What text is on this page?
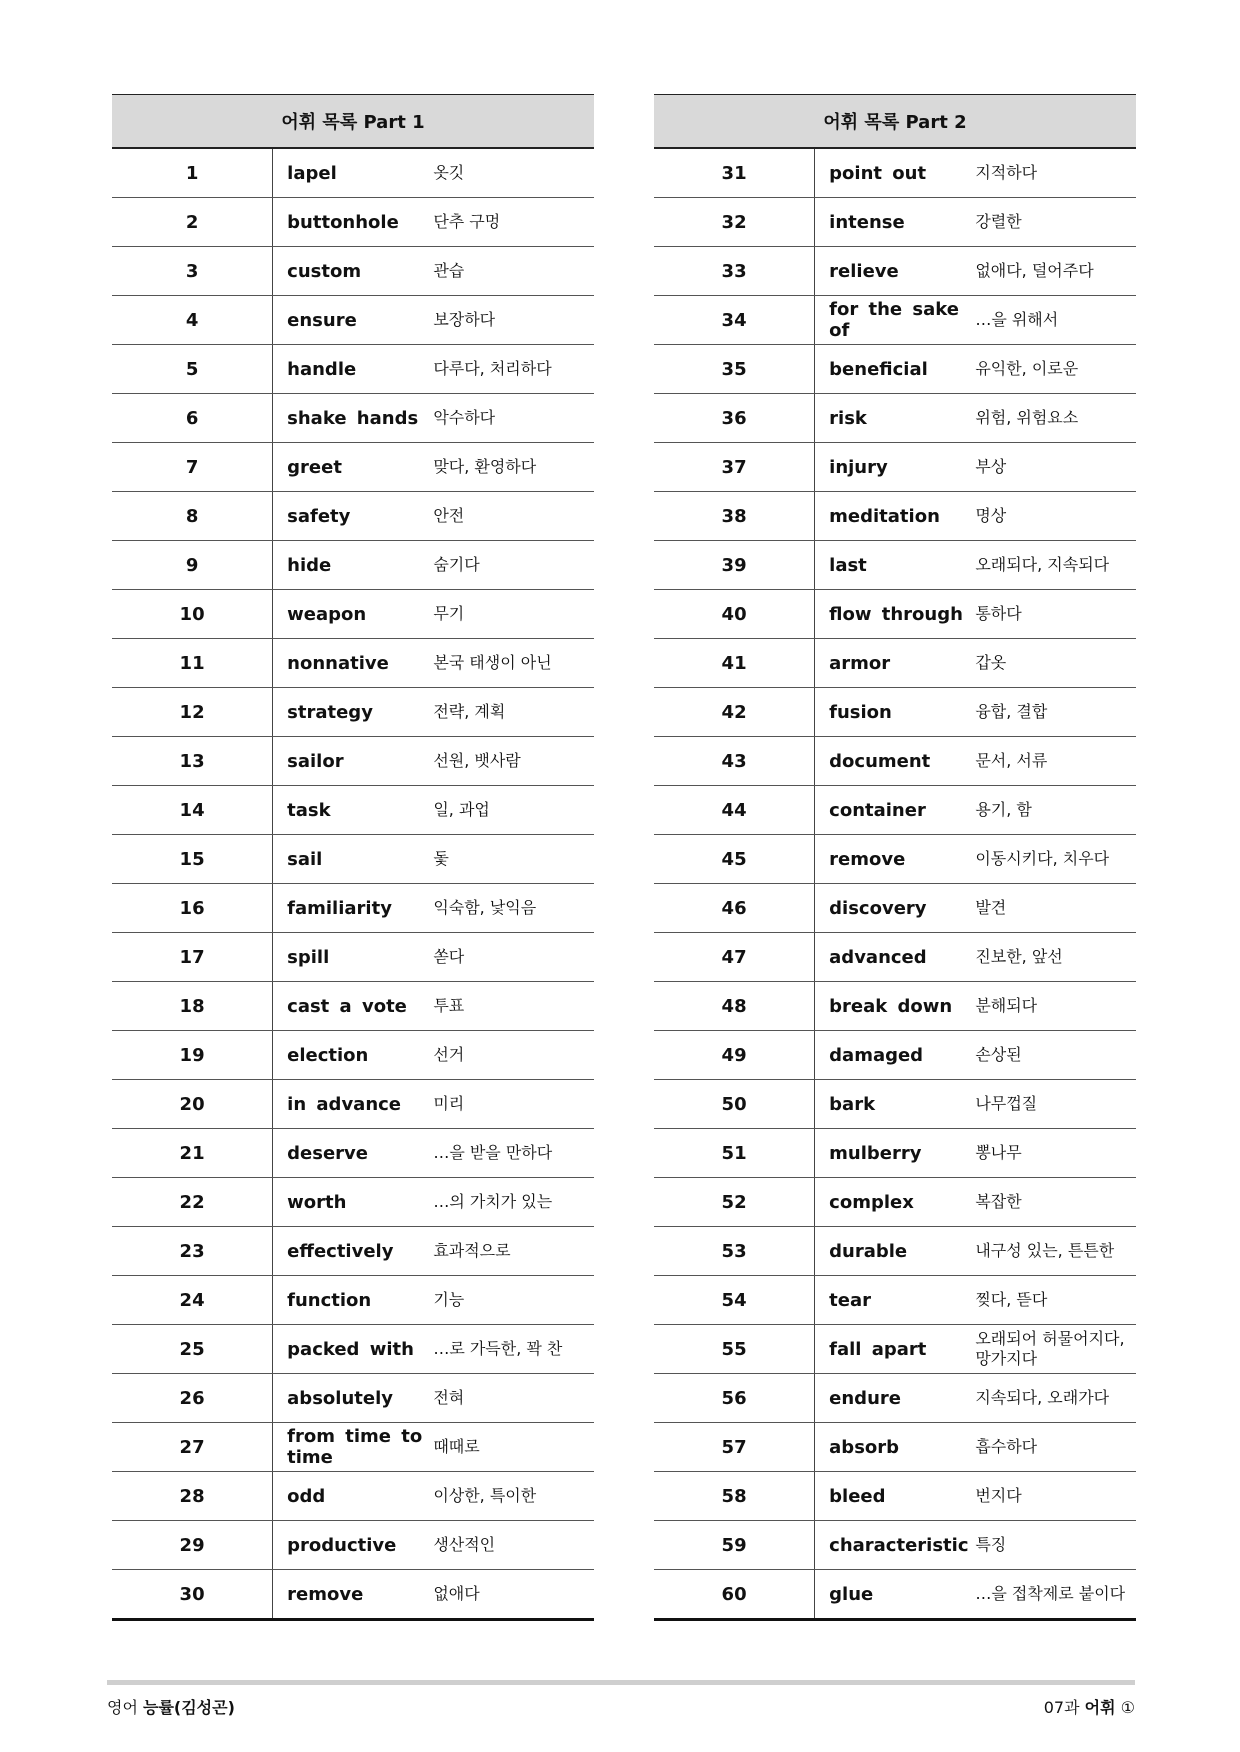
어휘 목록 Part 1		
1	lapel	옷깃
2	buttonhole	단추 구멍
3	custom	관습
4	ensure	보장하다
5	handle	다루다, 처리하다
6	shake hands	악수하다
7	greet	맞다, 환영하다
8	safety	안전
9	hide	숨기다
10	weapon	무기
11	nonnative	본국 태생이 아닌
12	strategy	전략, 계획
13	sailor	선원, 뱃사람
14	task	일, 과업
15	sail	돛
16	familiarity	익숙함, 낯익음
17	spill	쏟다
18	cast a vote	투표
19	election	선거
20	in advance	미리
21	deserve	…을 받을 만하다
22	worth	…의 가치가 있는
23	effectively	효과적으로
24	function	기능
25	packed with	…로 가득한, 꽉 찬
26	absolutely	전혀
27	from time to time	때때로
28	odd	이상한, 특이한
29	productive	생산적인
30	remove	없애다
어휘 목록 Part 2		
31	point out	지적하다
32	intense	강렬한
33	relieve	없애다, 덜어주다
34	for the sake of	…을 위해서
35	beneficial	유익한, 이로운
36	risk	위험, 위험요소
37	injury	부상
38	meditation	명상
39	last	오래되다, 지속되다
40	flow through	통하다
41	armor	갑옷
42	fusion	융합, 결합
43	document	문서, 서류
44	container	용기, 함
45	remove	이동시키다, 치우다
46	discovery	발견
47	advanced	진보한, 앞선
48	break down	분해되다
49	damaged	손상된
50	bark	나무껍질
51	mulberry	뽕나무
52	complex	복잡한
53	durable	내구성 있는, 튼튼한
54	tear	찢다, 뜯다
55	fall apart	오래되어 허물어지다, 망가지다
56	endure	지속되다, 오래가다
57	absorb	흡수하다
58	bleed	번지다
59	characteristic	특징
60	glue	…을 접착제로 붙이다
영어 능률(김성곤)	07과 어휘 ①
